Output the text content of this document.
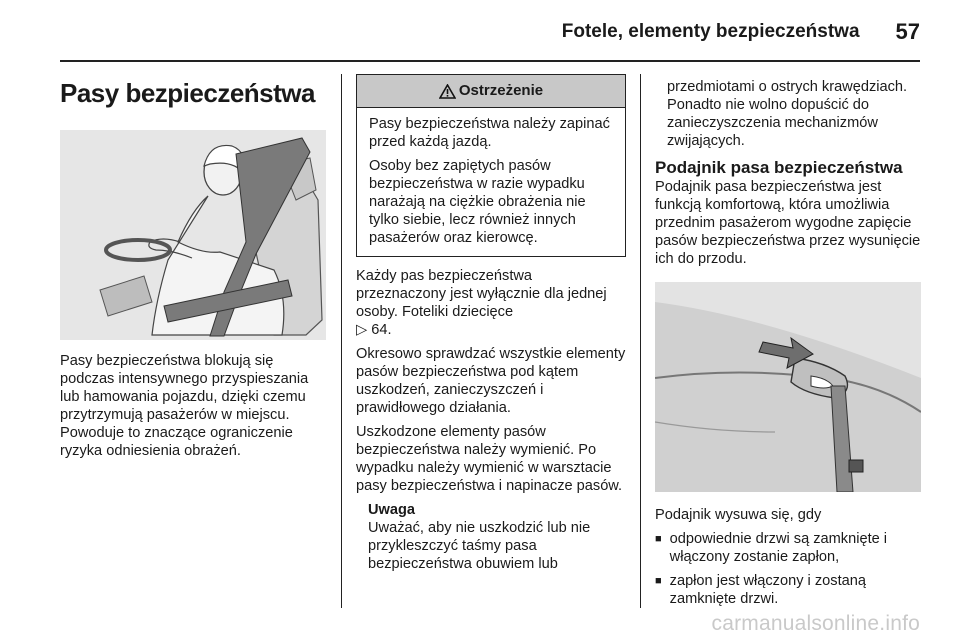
Fotele, elementy bezpieczeństwa 57
Pasy bezpieczeństwa

Pasy bezpieczeństwa blokują się podczas intensywnego przyspieszania lub hamowania pojazdu, dzięki czemu przytrzymują pasażerów w miejscu. Powoduje to znaczące ograniczenie ryzyka odniesienia obrażeń.

Ostrzeżenie

Pasy bezpieczeństwa należy zapinać przed każdą jazdą.

Osoby bez zapiętych pasów bezpieczeństwa w razie wypadku narażają na ciężkie obrażenia nie tylko siebie, lecz również innych pasażerów oraz kierowcę.

Każdy pas bezpieczeństwa przeznaczony jest wyłącznie dla jednej osoby. Foteliki dziecięce
▷ 64.

Okresowo sprawdzać wszystkie elementy pasów bezpieczeństwa pod kątem uszkodzeń, zanieczyszczeń i prawidłowego działania.

Uszkodzone elementy pasów bezpieczeństwa należy wymienić. Po wypadku należy wymienić w warsztacie pasy bezpieczeństwa i napinacze pasów.

Uwaga

Uważać, aby nie uszkodzić lub nie przykleszczyć taśmy pasa bezpieczeństwa obuwiem lub

przedmiotami o ostrych krawędziach. Ponadto nie wolno dopuścić do zanieczyszczenia mechanizmów zwijających.

Podajnik pasa bezpieczeństwa

Podajnik pasa bezpieczeństwa jest funkcją komfortową, która umożliwia przednim pasażerom wygodne zapięcie pasów bezpieczeństwa przez wysunięcie ich do przodu.

Podajnik wysuwa się, gdy

■ odpowiednie drzwi są zamknięte i włączony zostanie zapłon,
■ zapłon jest włączony i zostaną zamknięte drzwi.
carmanualsonline.info
